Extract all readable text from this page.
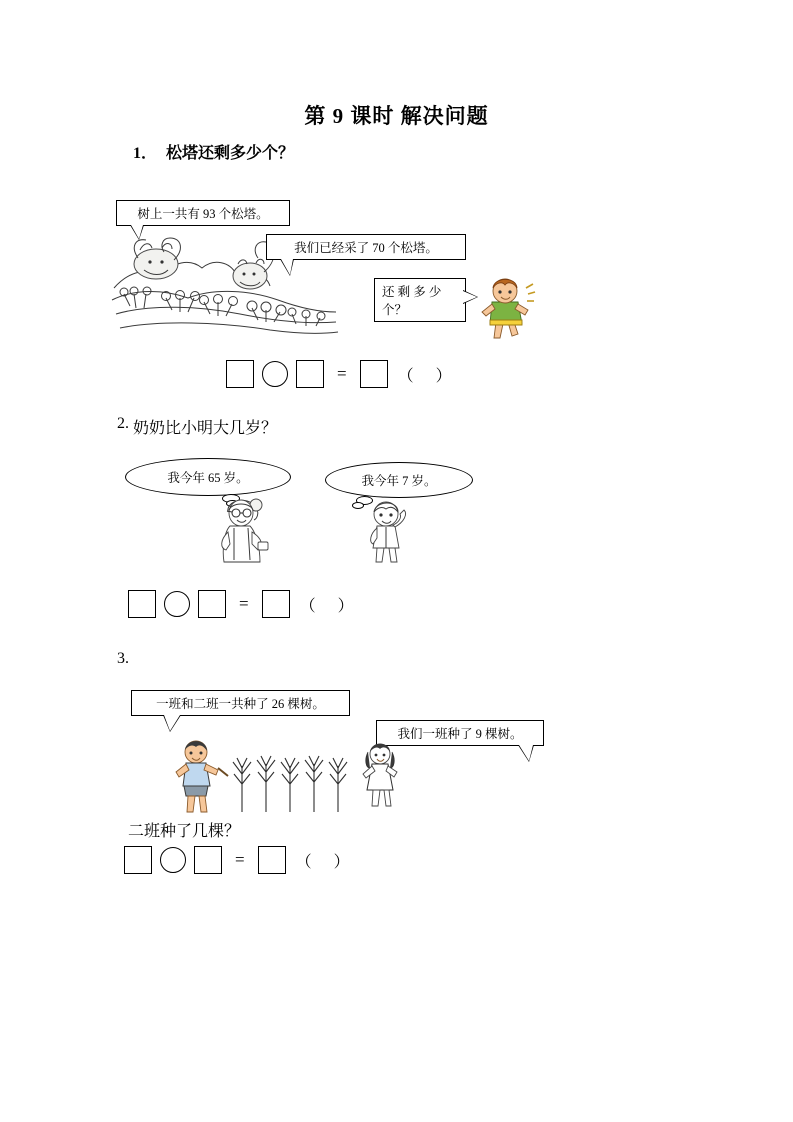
第 9 课时 解决问题
1． 松塔还剩多少个？
树上一共有 93 个松塔。
我们已经采了 70 个松塔。
还 剩 多 少
个？
=	（ ）
2. 奶奶比小明大几岁？
我今年 65 岁。	我今年 7 岁。
=	（ ）
3.
一班和二班一共种了 26 棵树。
我们一班种了 9 棵树。
二班种了几棵？
=	（ ）
